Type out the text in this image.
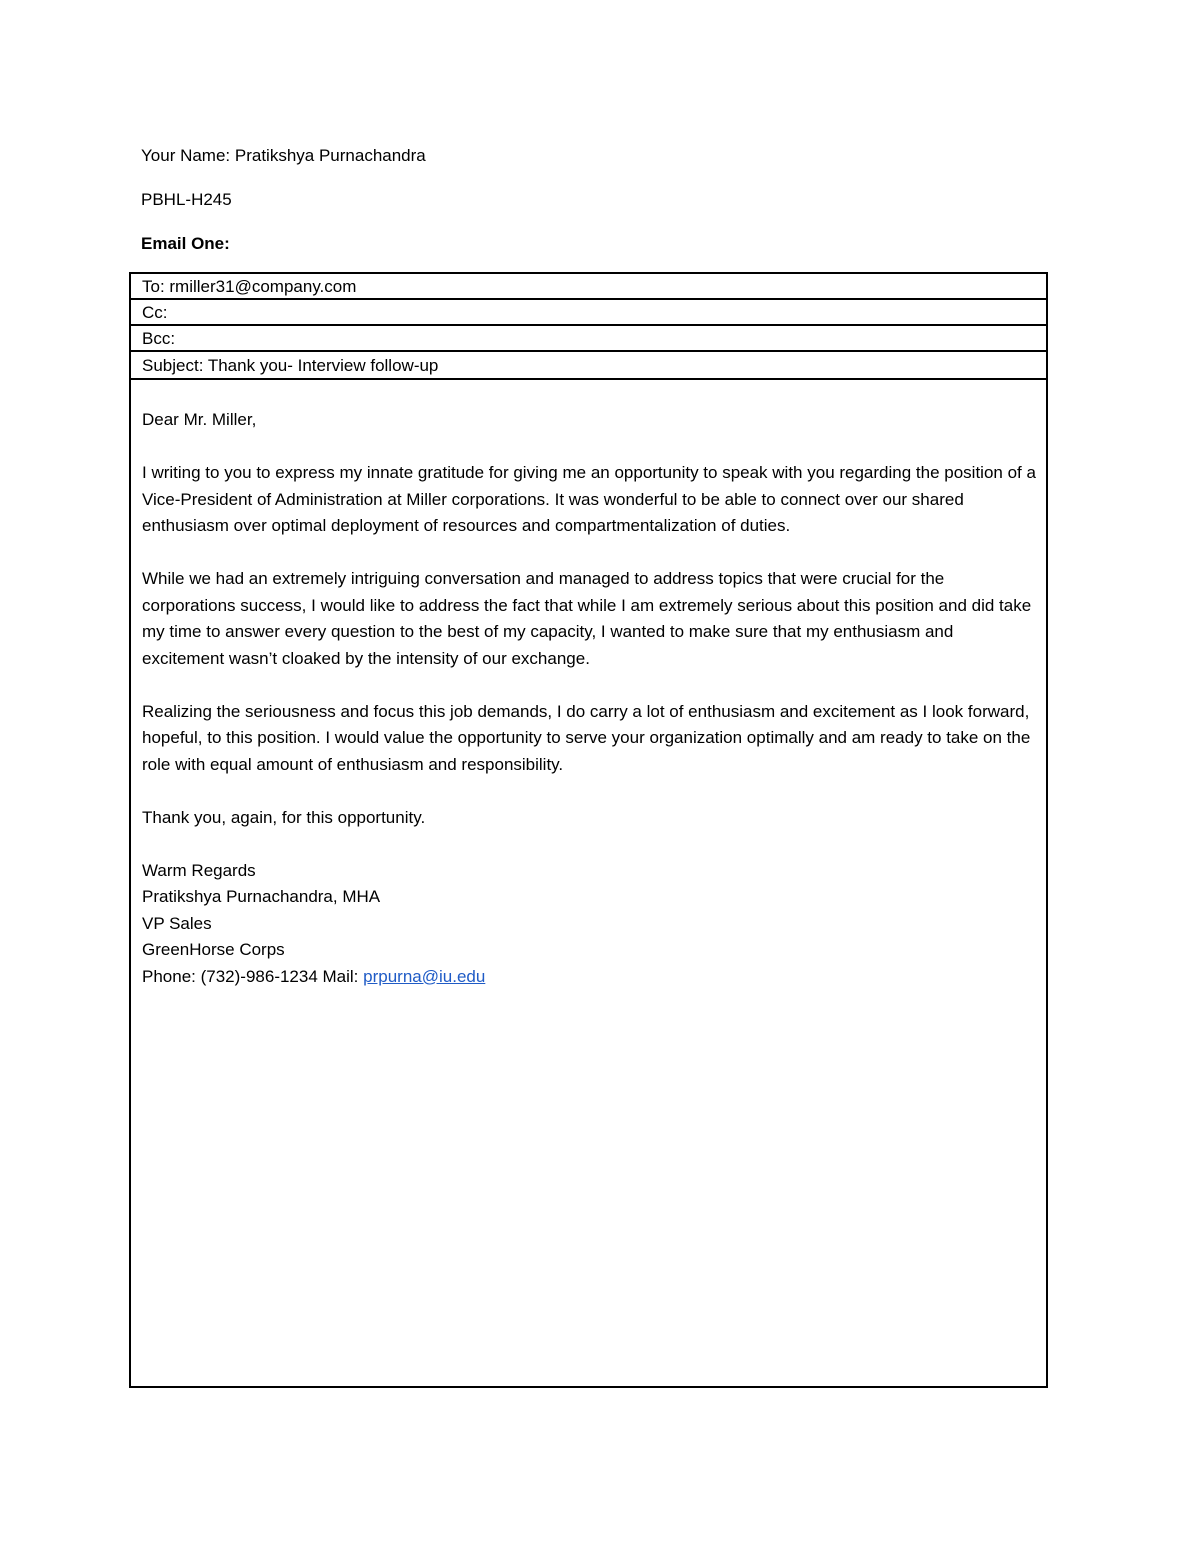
Your Name: Pratikshya Purnachandra
PBHL-H245
Email One:
To: rmiller31@company.com
Cc:
Bcc:
Subject: Thank you- Interview follow-up

Dear Mr. Miller,

I writing to you to express my innate gratitude for giving me an opportunity to speak with you regarding the position of a Vice-President of Administration at Miller corporations. It was wonderful to be able to connect over our shared enthusiasm over optimal deployment of resources and compartmentalization of duties.

While we had an extremely intriguing conversation and managed to address topics that were crucial for the corporations success, I would like to address the fact that while I am extremely serious about this position and did take my time to answer every question to the best of my capacity, I wanted to make sure that my enthusiasm and excitement wasn’t cloaked by the intensity of our exchange.

Realizing the seriousness and focus this job demands, I do carry a lot of enthusiasm and excitement as I look forward, hopeful, to this position. I would value the opportunity to serve your organization optimally and am ready to take on the role with equal amount of enthusiasm and responsibility.

Thank you, again, for this opportunity.

Warm Regards
Pratikshya Purnachandra, MHA
VP Sales
GreenHorse Corps
Phone: (732)-986-1234 Mail: prpurna@iu.edu
